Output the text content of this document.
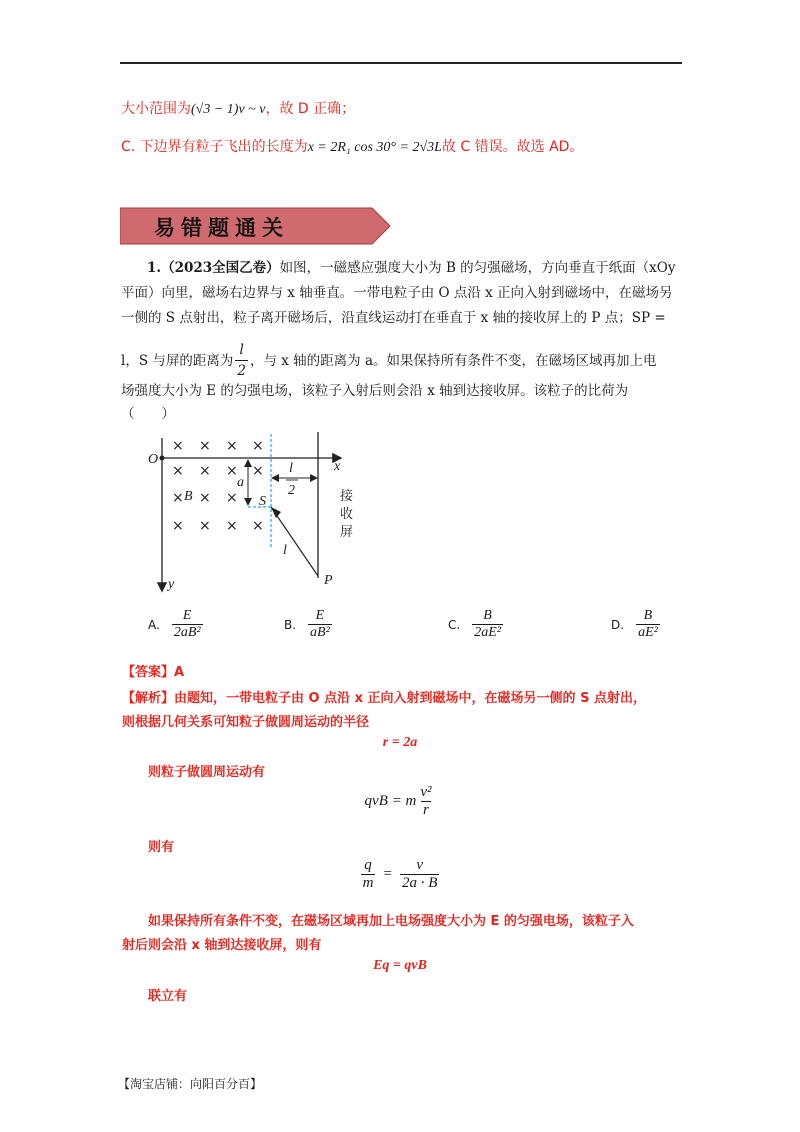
大小范围为(√3 − 1)v ~ v，故 D 正确；
C. 下边界有粒子飞出的长度为x = 2R₁ cos 30° = 2√3L故 C 错误。故选 AD。
易错题通关
1.（2023全国乙卷）如图，一磁感应强度大小为 B 的匀强磁场，方向垂直于纸面（xOy
平面）向里，磁场右边界与 x 轴垂直。一带电粒子由 O 点沿 x 正向入射到磁场中，在磁场另
一侧的 S 点射出，粒子离开磁场后，沿直线运动打在垂直于 x 轴的接收屏上的 P 点；SP =
l，S 与屏的距离为 $\frac{l}{2}$ ，与 x 轴的距离为 a。如果保持所有条件不变，在磁场区域再加上电
场强度大小为 E 的匀强电场，该粒子入射后则会沿 x 轴到达接收屏。该粒子的比荷为
（　　）
× × × ×
× × × ×
× × ×
× × × ×
O	x
y
B
a
S
l
2
l
P
接
收
屏
A. $\frac{E}{\text{2aB²}}$	B. $\frac{E}{\text{aB²}}$	C. $\frac{B}{\text{2aE²}}$	D. $\frac{B}{\text{aE²}}$
【答案】A
【解析】由题知，一带电粒子由 O 点沿 x 正向入射到磁场中，在磁场另一侧的 S 点射出，
则根据几何关系可知粒子做圆周运动的半径
r = 2a
则粒子做圆周运动有
qvB = m $\frac{\text{v²}}{r}$
则有
$\frac{q}{m} = \frac{v}{2a \cdot B}$
如果保持所有条件不变，在磁场区域再加上电场强度大小为 E 的匀强电场，该粒子入
射后则会沿 x 轴到达接收屏，则有
Eq = qvB
联立有
【淘宝店铺：向阳百分百】
